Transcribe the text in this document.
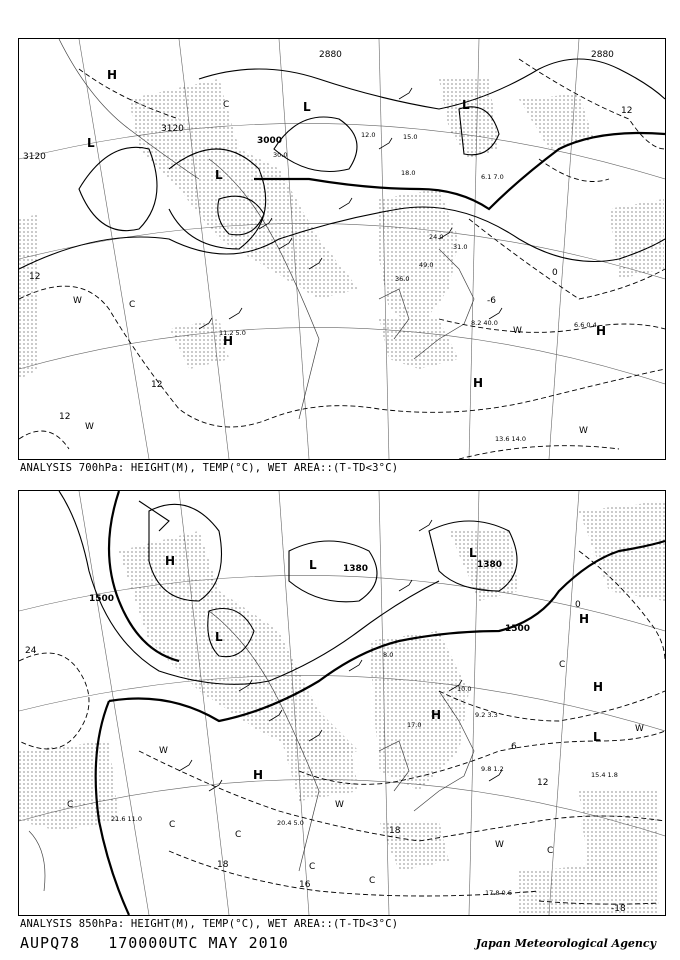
3120
3120
3000
2880	2880
12
12
12
12
0
-6
H
L
L
L	L
H
H
H
C
W
W
W
W
C
6.1 7.0
8.2 40.0	6.6 0.4
13.6 14.0
11.2 5.0
30.0
12.0	15.0
18.0
24.0
31.0
49.0
36.0
ANALYSIS 700hPa: HEIGHT(M), TEMP(°C), WET AREA::(T-TD<3°C)
1500
1500
1380	1380
24
18
18
16
12
6
0
-18
H
L
L
L
H
H
H
H
L
C
C
C
C
W
W
W
W
C
C
C
21.6 11.0	20.4 5.0
17.8 0.6
15.4 1.8
9.8 1.2
9.2 3.3
10.0
17.0
8.0
ANALYSIS 850hPa: HEIGHT(M), TEMP(°C), WET AREA::(T-TD<3°C)
AUPQ78 170000UTC MAY 2010	Japan Meteorological Agency
